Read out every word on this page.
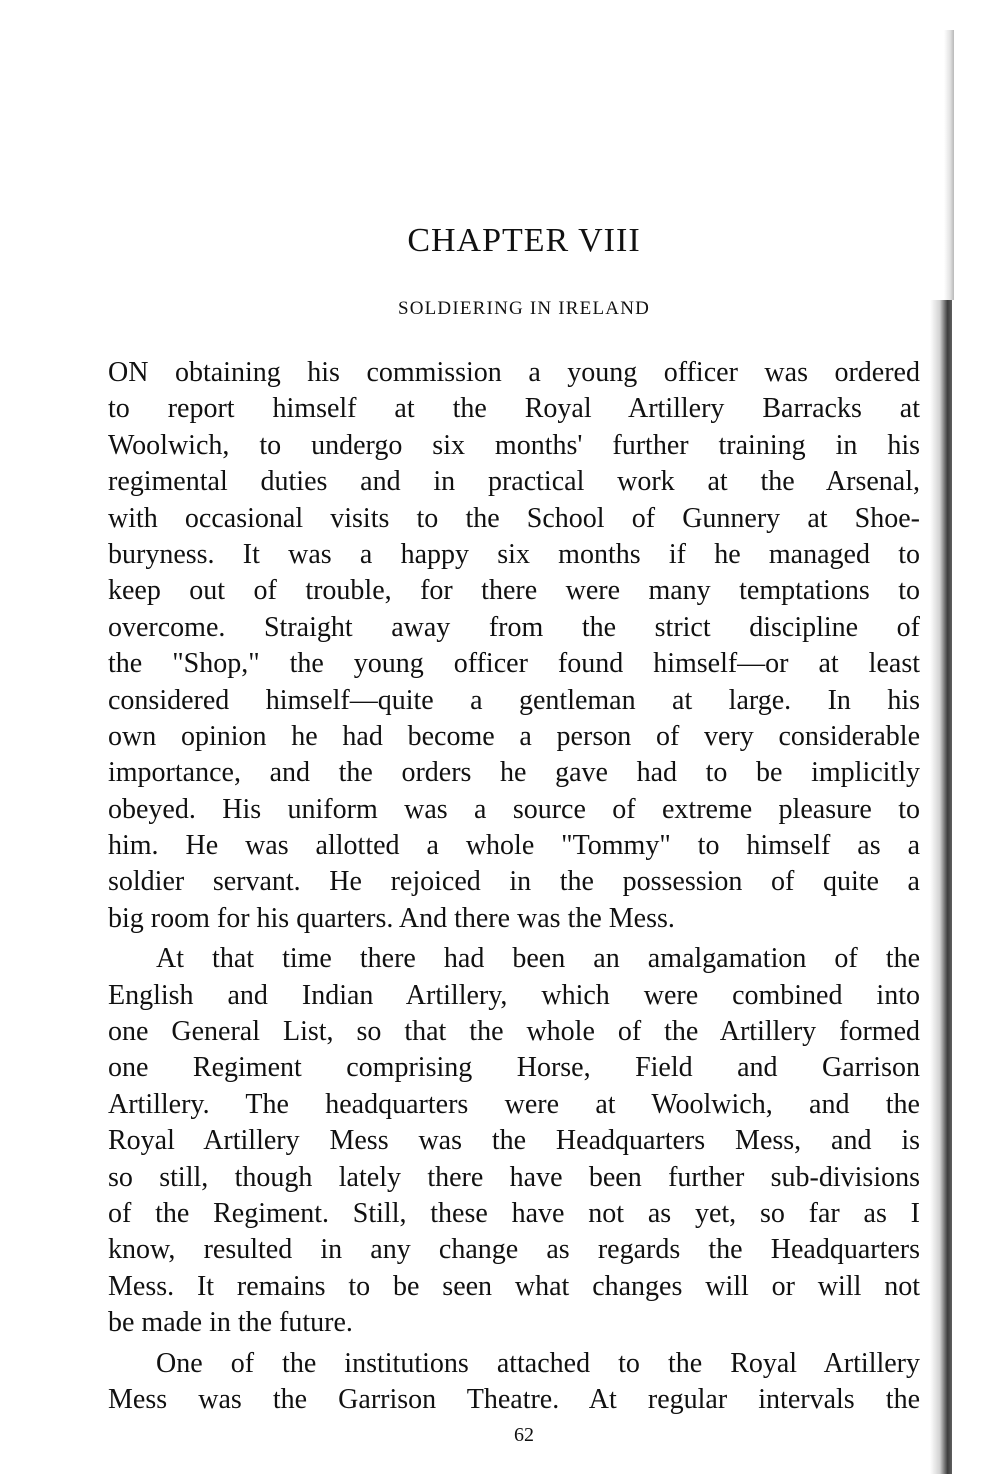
CHAPTER VIII
SOLDIERING IN IRELAND
ON obtaining his commission a young officer was ordered
to report himself at the Royal Artillery Barracks at
Woolwich, to undergo six months' further training in his
regimental duties and in practical work at the Arsenal,
with occasional visits to the School of Gunnery at Shoe-
buryness. It was a happy six months if he managed to
keep out of trouble, for there were many temptations to
overcome. Straight away from the strict discipline of
the "Shop," the young officer found himself—or at least
considered himself—quite a gentleman at large. In his
own opinion he had become a person of very considerable
importance, and the orders he gave had to be implicitly
obeyed. His uniform was a source of extreme pleasure to
him. He was allotted a whole "Tommy" to himself as a
soldier servant. He rejoiced in the possession of quite a
big room for his quarters. And there was the Mess.
At that time there had been an amalgamation of the
English and Indian Artillery, which were combined into
one General List, so that the whole of the Artillery formed
one Regiment comprising Horse, Field and Garrison
Artillery. The headquarters were at Woolwich, and the
Royal Artillery Mess was the Headquarters Mess, and is
so still, though lately there have been further sub-divisions
of the Regiment. Still, these have not as yet, so far as I
know, resulted in any change as regards the Headquarters
Mess. It remains to be seen what changes will or will not
be made in the future.
One of the institutions attached to the Royal Artillery
Mess was the Garrison Theatre. At regular intervals the
62
